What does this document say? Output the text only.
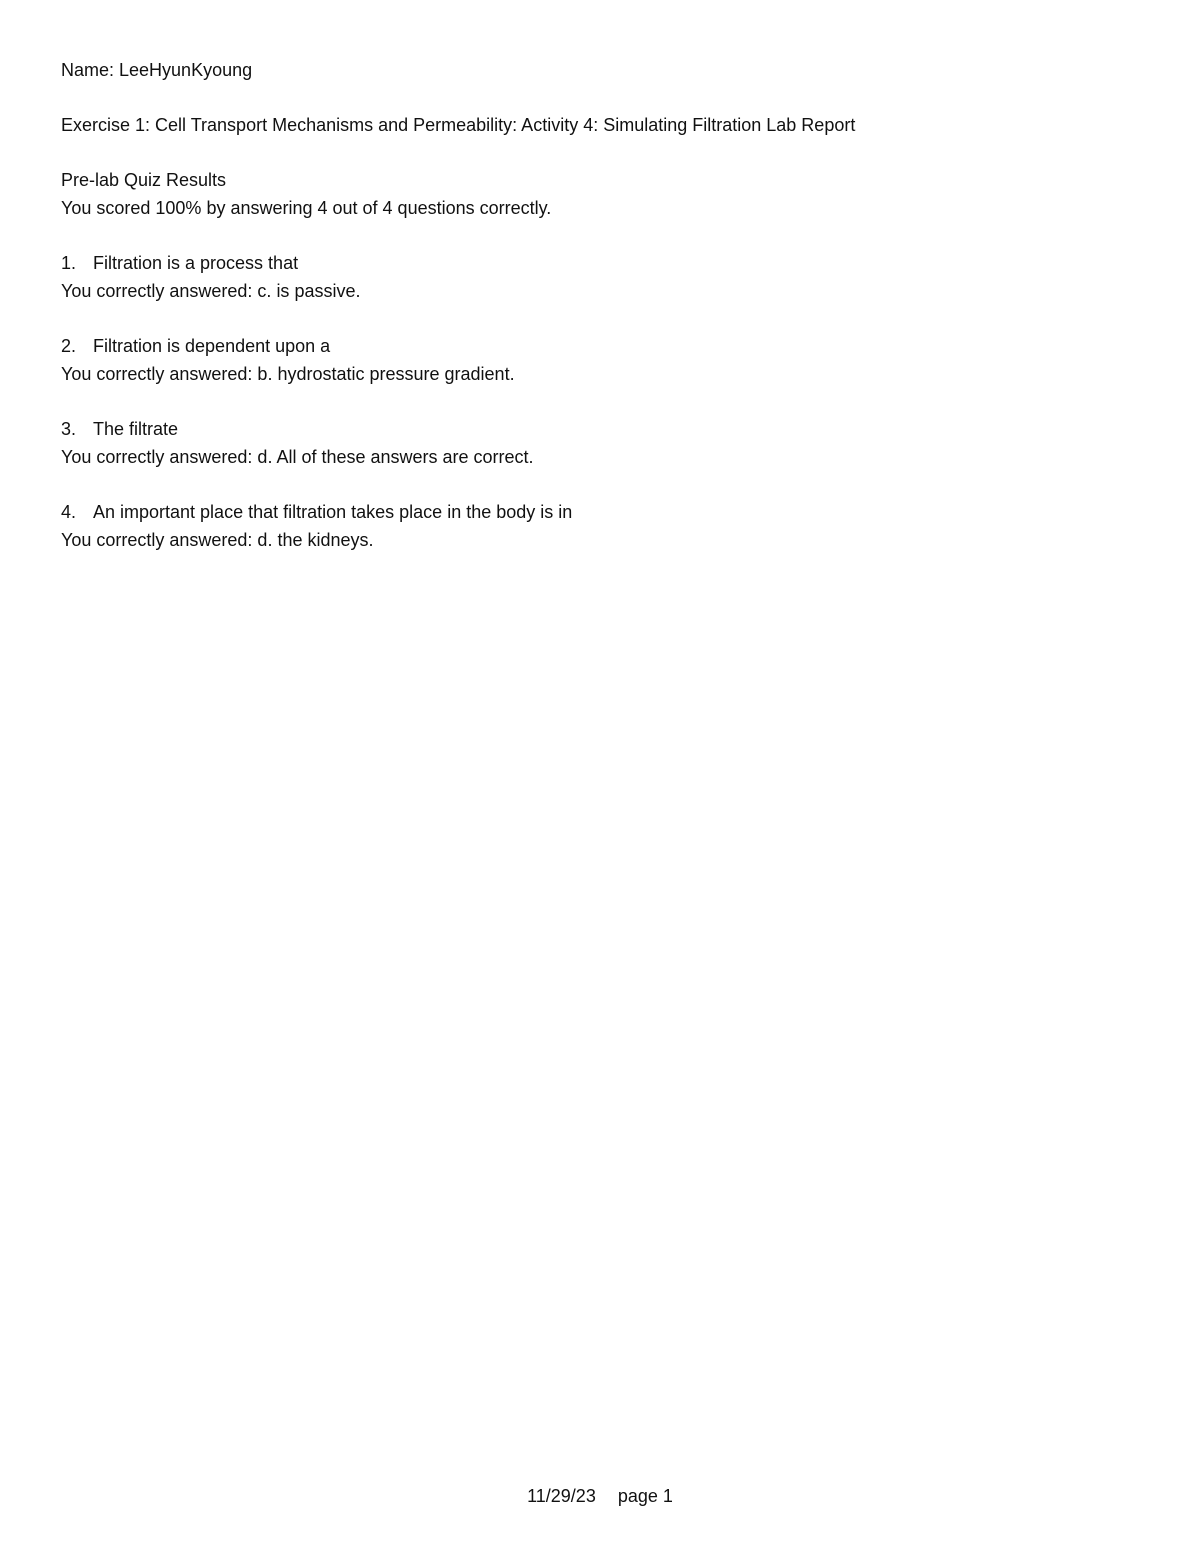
Name: LeeHyunKyoung
Exercise 1: Cell Transport Mechanisms and Permeability: Activity 4: Simulating Filtration Lab Report
Pre-lab Quiz Results
You scored 100% by answering 4 out of 4 questions correctly.
1. Filtration is a process that
You correctly answered: c. is passive.
2. Filtration is dependent upon a
You correctly answered: b. hydrostatic pressure gradient.
3. The filtrate
You correctly answered: d. All of these answers are correct.
4. An important place that filtration takes place in the body is in
You correctly answered: d. the kidneys.
11/29/23 page 1
